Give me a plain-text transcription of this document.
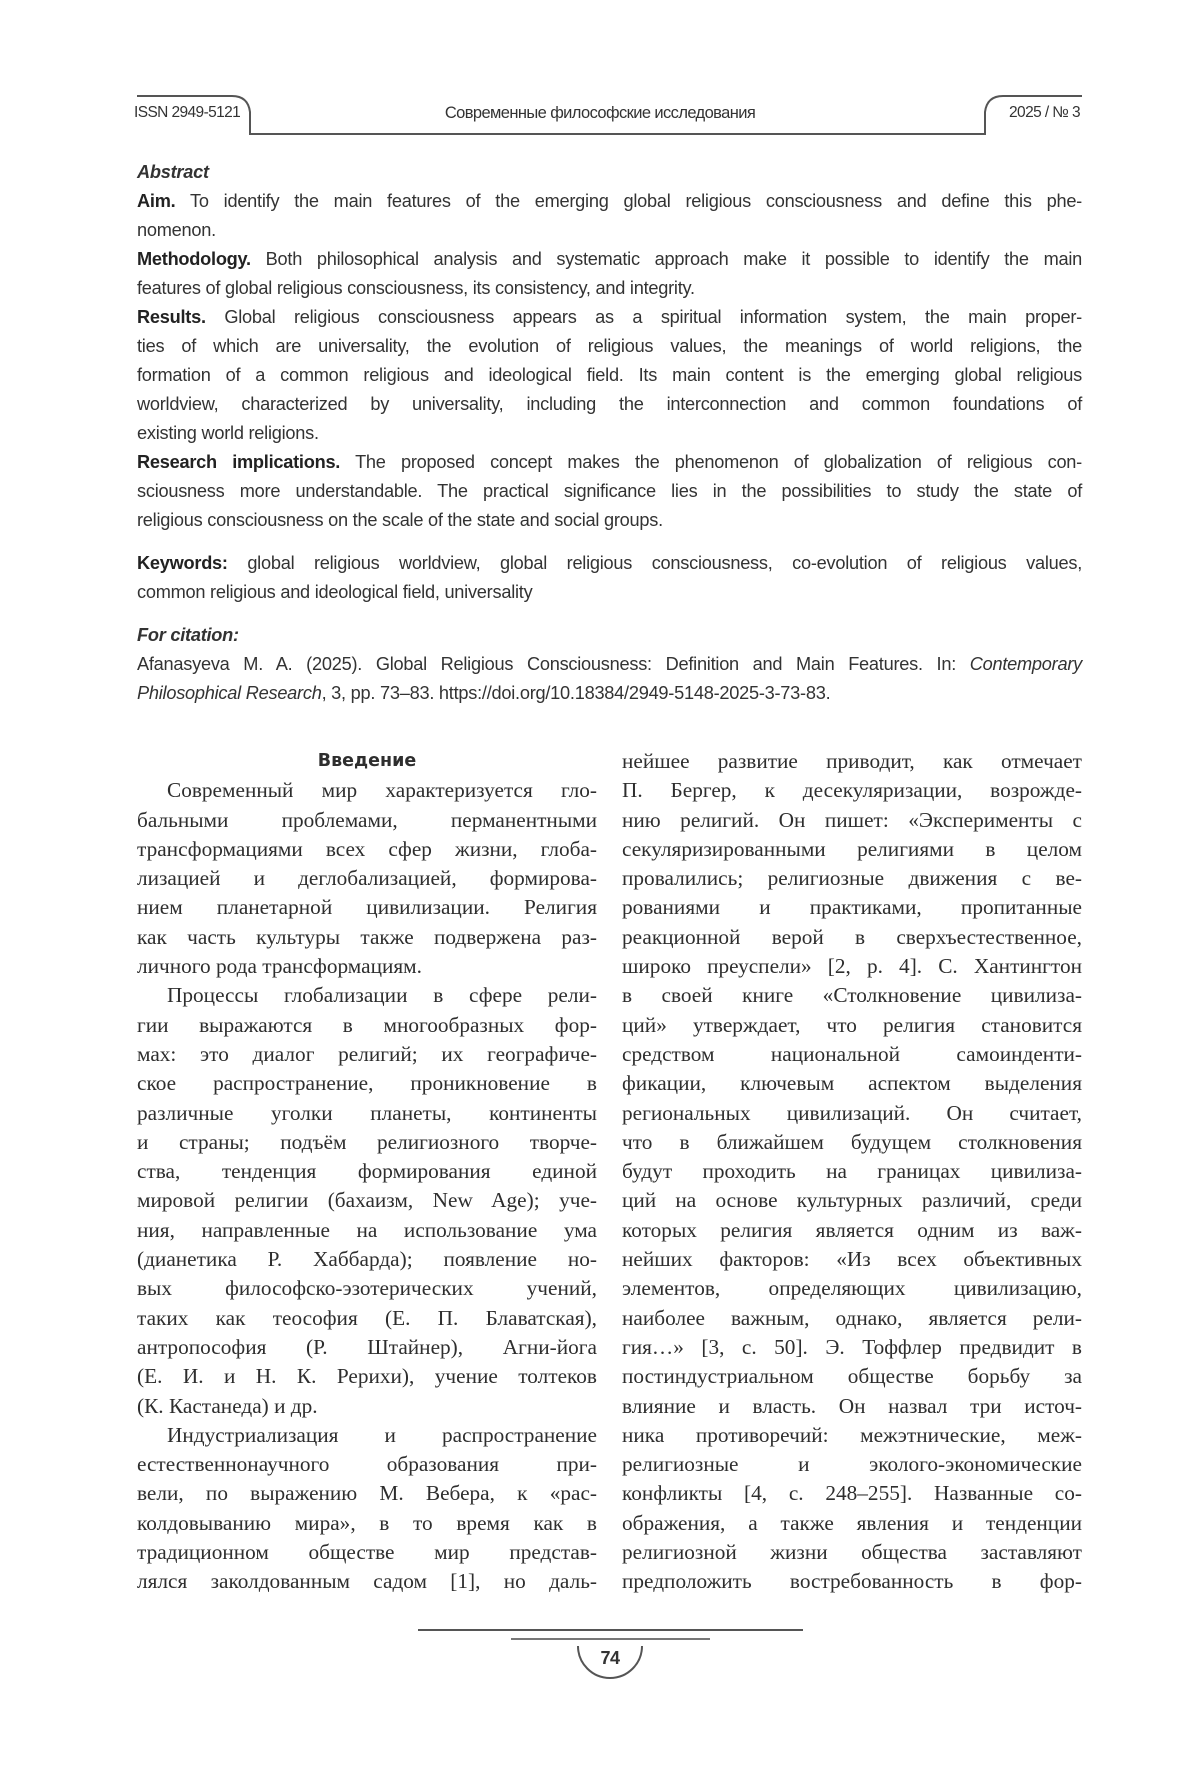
ISSN 2949-5121	Современные философские исследования	2025 / № 3
Abstract
Aim. To identify the main features of the emerging global religious consciousness and define this phe-
nomenon.
Methodology. Both philosophical analysis and systematic approach make it possible to identify the main
features of global religious consciousness, its consistency, and integrity.
Results. Global religious consciousness appears as a spiritual information system, the main proper-
ties of which are universality, the evolution of religious values, the meanings of world religions, the
formation of a common religious and ideological field. Its main content is the emerging global religious
worldview, characterized by universality, including the interconnection and common foundations of
existing world religions.
Research implications. The proposed concept makes the phenomenon of globalization of religious con-
sciousness more understandable. The practical significance lies in the possibilities to study the state of
religious consciousness on the scale of the state and social groups.
Keywords: global religious worldview, global religious consciousness, co-evolution of religious values,
common religious and ideological field, universality
For citation:
Afanasyeva M. A. (2025). Global Religious Consciousness: Definition and Main Features. In: Contemporary
Philosophical Research, 3, pp. 73–83. https://doi.org/10.18384/2949-5148-2025-3-73-83.
Введение
Современный мир характеризуется гло-
бальными проблемами, перманентными
трансформациями всех сфер жизни, глоба-
лизацией и деглобализацией, формирова-
нием планетарной цивилизации. Религия
как часть культуры также подвержена раз-
личного рода трансформациям.
Процессы глобализации в сфере рели-
гии выражаются в многообразных фор-
мах: это диалог религий; их географиче-
ское распространение, проникновение в
различные уголки планеты, континенты
и страны; подъём религиозного творче-
ства, тенденция формирования единой
мировой религии (бахаизм, New Age); уче-
ния, направленные на использование ума
(дианетика Р. Хаббарда); появление но-
вых философско-эзотерических учений,
таких как теософия (Е. П. Блаватская),
антропософия (Р. Штайнер), Агни-йога
(Е. И. и Н. К. Рерихи), учение толтеков
(К. Кастанеда) и др.
Индустриализация и распространение
естественнонаучного образования при-
вели, по выражению М. Вебера, к «рас-
колдовыванию мира», в то время как в
традиционном обществе мир представ-
лялся заколдованным садом [1], но даль-
нейшее развитие приводит, как отмечает
П. Бергер, к десекуляризации, возрожде-
нию религий. Он пишет: «Эксперименты с
секуляризированными религиями в целом
провалились; религиозные движения с ве-
рованиями и практиками, пропитанные
реакционной верой в сверхъестественное,
широко преуспели» [2, p. 4]. С. Хантингтон
в своей книге «Столкновение цивилиза-
ций» утверждает, что религия становится
средством национальной самоинденти-
фикации, ключевым аспектом выделения
региональных цивилизаций. Он считает,
что в ближайшем будущем столкновения
будут проходить на границах цивилиза-
ций на основе культурных различий, среди
которых религия является одним из важ-
нейших факторов: «Из всех объективных
элементов, определяющих цивилизацию,
наиболее важным, однако, является рели-
гия…» [3, с. 50]. Э. Тоффлер предвидит в
постиндустриальном обществе борьбу за
влияние и власть. Он назвал три источ-
ника противоречий: межэтнические, меж-
религиозные и эколого-экономические
конфликты [4, с. 248–255]. Названные со-
ображения, а также явления и тенденции
религиозной жизни общества заставляют
предположить востребованность в фор-
74
